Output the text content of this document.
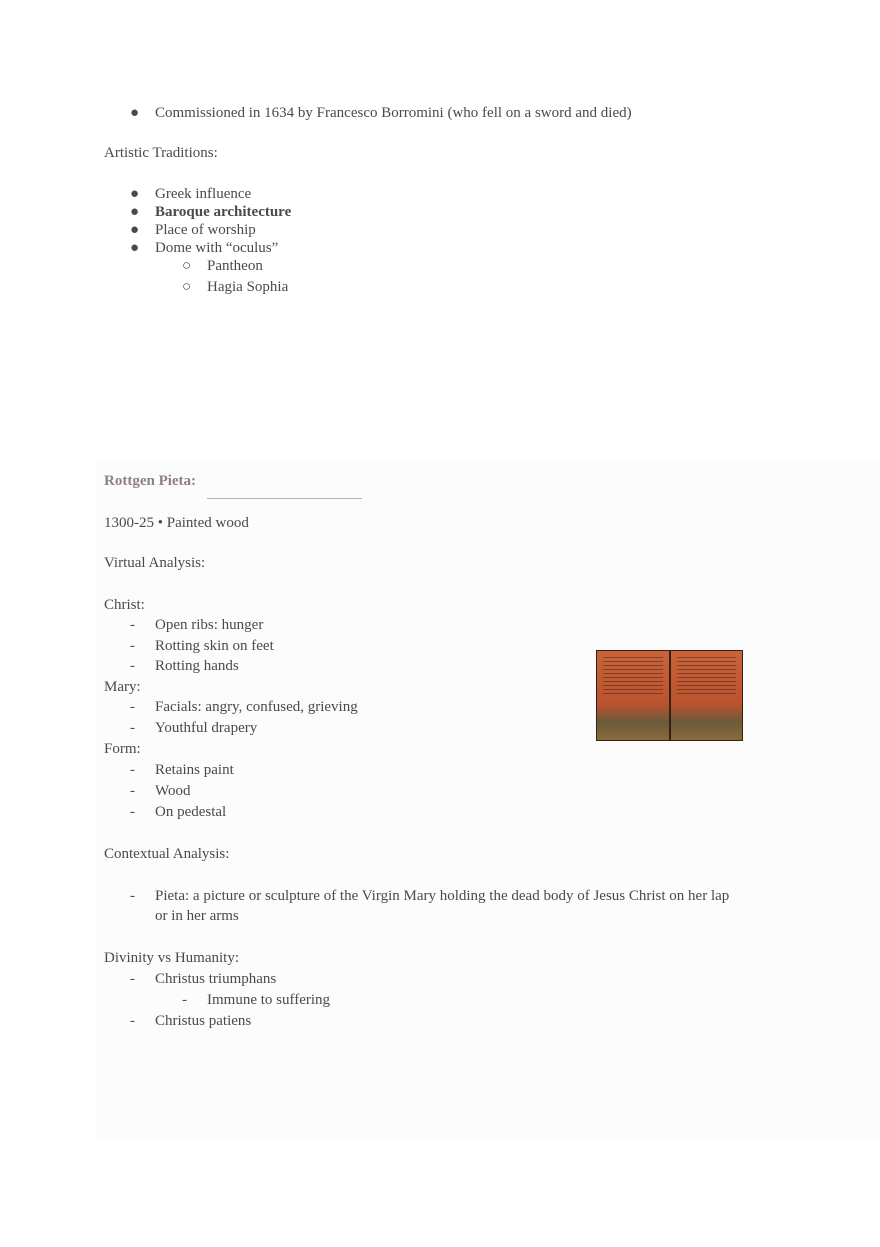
● Commissioned in 1634 by Francesco Borromini (who fell on a sword and died)
Artistic Traditions:
● Greek influence
● Baroque architecture
● Place of worship
● Dome with “oculus”
○ Pantheon
○ Hagia Sophia
Rottgen Pieta:
1300-25 • Painted wood
Virtual Analysis:
Christ:
- Open ribs: hunger
- Rotting skin on feet
- Rotting hands
Mary:
- Facials: angry, confused, grieving
- Youthful drapery
Form:
- Retains paint
- Wood
- On pedestal
Contextual Analysis:
- Pieta: a picture or sculpture of the Virgin Mary holding the dead body of Jesus Christ on her lap
or in her arms
Divinity vs Humanity:
- Christus triumphans
- Immune to suffering
- Christus patiens
